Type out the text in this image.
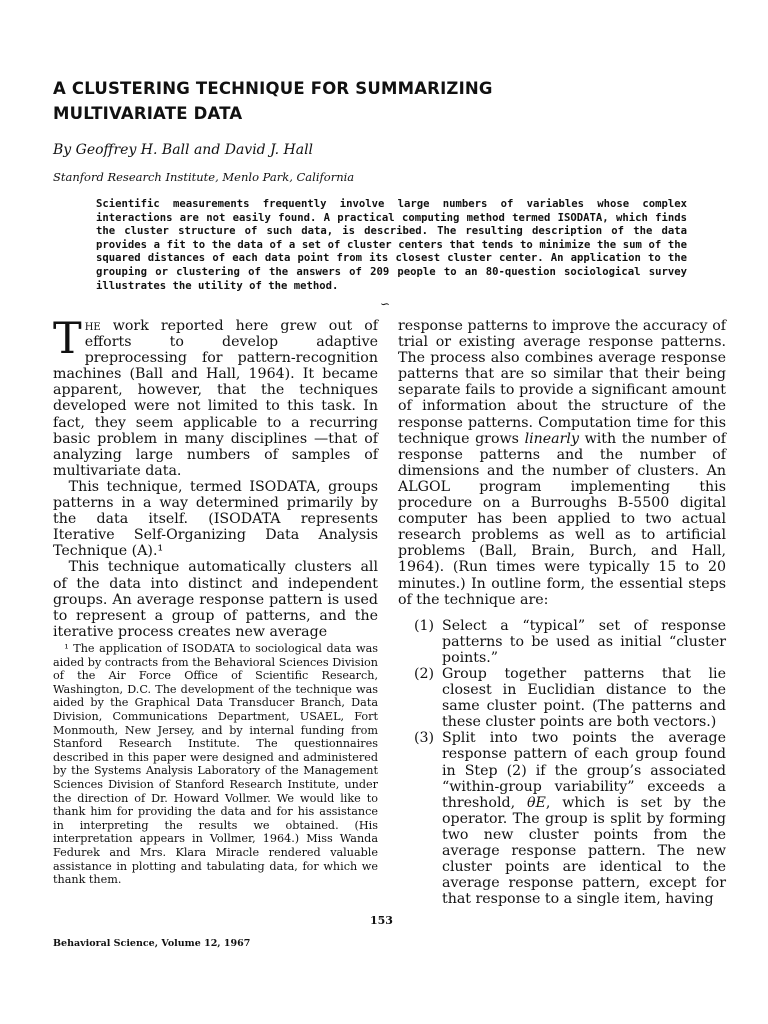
A CLUSTERING TECHNIQUE FOR SUMMARIZING
MULTIVARIATE DATA
By Geoffrey H. Ball and David J. Hall
Stanford Research Institute, Menlo Park, California
Scientific measurements frequently involve large numbers of variables whose complex interactions are not easily found. A practical computing method termed ISODATA, which finds the cluster structure of such data, is described. The resulting description of the data provides a fit to the data of a set of cluster centers that tends to minimize the sum of the squared distances of each data point from its closest cluster center. An application to the grouping or clustering of the answers of 209 people to an 80-question sociological survey illustrates the utility of the method.
∽

The work reported here grew out of efforts to develop adaptive preprocessing for pattern-recognition machines (Ball and Hall, 1964). It became apparent, however, that the techniques developed were not limited to this task. In fact, they seem applicable to a recurring basic problem in many disciplines —that of analyzing large numbers of samples of multivariate data.

This technique, termed ISODATA, groups patterns in a way determined primarily by the data itself. (ISODATA represents Iterative Self-Organizing Data Analysis Technique (A).¹

This technique automatically clusters all of the data into distinct and independent groups. An average response pattern is used to represent a group of patterns, and the iterative process creates new average

¹ The application of ISODATA to sociological data was aided by contracts from the Behavioral Sciences Division of the Air Force Office of Scientific Research, Washington, D.C. The development of the technique was aided by the Graphical Data Transducer Branch, Data Division, Communications Department, USAEL, Fort Monmouth, New Jersey, and by internal funding from Stanford Research Institute. The questionnaires described in this paper were designed and administered by the Systems Analysis Laboratory of the Management Sciences Division of Stanford Research Institute, under the direction of Dr. Howard Vollmer. We would like to thank him for providing the data and for his assistance in interpreting the results we obtained. (His interpretation appears in Vollmer, 1964.) Miss Wanda Fedurek and Mrs. Klara Miracle rendered valuable assistance in plotting and tabulating data, for which we thank them.

response patterns to improve the accuracy of trial or existing average response patterns. The process also combines average response patterns that are so similar that their being separate fails to provide a significant amount of information about the structure of the response patterns. Computation time for this technique grows linearly with the number of response patterns and the number of dimensions and the number of clusters. An ALGOL program implementing this procedure on a Burroughs B-5500 digital computer has been applied to two actual research problems as well as to artificial problems (Ball, Brain, Burch, and Hall, 1964). (Run times were typically 15 to 20 minutes.) In outline form, the essential steps of the technique are:

(1) Select a “typical” set of response patterns to be used as initial “cluster points.”
(2) Group together patterns that lie closest in Euclidian distance to the same cluster point. (The patterns and these cluster points are both vectors.)
(3) Split into two points the average response pattern of each group found in Step (2) if the group’s associated “within-group variability” exceeds a threshold, θE, which is set by the operator. The group is split by forming two new cluster points from the average response pattern. The new cluster points are identical to the average response pattern, except for that response to a single item, having
153
Behavioral Science, Volume 12, 1967
